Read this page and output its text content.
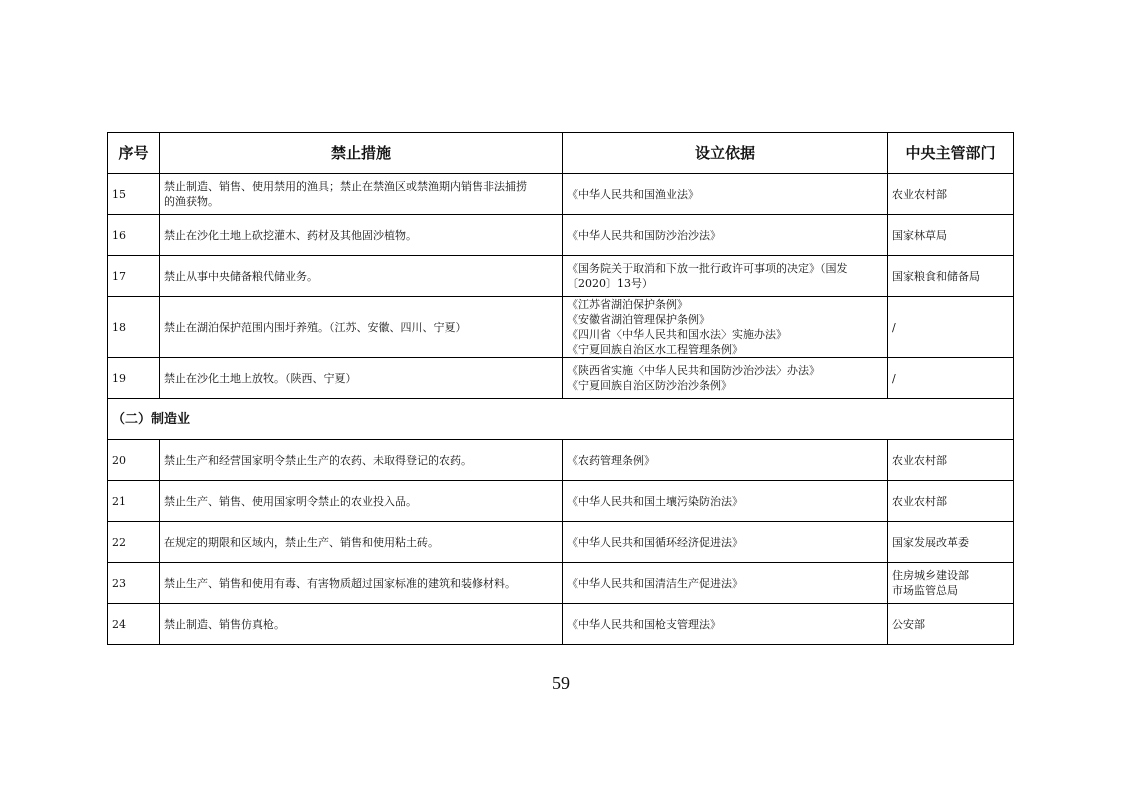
序号	禁止措施	设立依据	中央主管部门
15	禁止制造、销售、使用禁用的渔具；禁止在禁渔区或禁渔期内销售非法捕捞
的渔获物。	《中华人民共和国渔业法》	农业农村部

16	禁止在沙化土地上砍挖灌木、药材及其他固沙植物。	《中华人民共和国防沙治沙法》	国家林草局

17	禁止从事中央储备粮代储业务。	《国务院关于取消和下放一批行政许可事项的决定》（国发
〔2020〕13号）	国家粮食和储备局

18	禁止在湖泊保护范围内围圩养殖。（江苏、安徽、四川、宁夏）	《江苏省湖泊保护条例》
《安徽省湖泊管理保护条例》
《四川省〈中华人民共和国水法〉实施办法》
《宁夏回族自治区水工程管理条例》	/

19	禁止在沙化土地上放牧。（陕西、宁夏）	《陕西省实施〈中华人民共和国防沙治沙法〉办法》
《宁夏回族自治区防沙治沙条例》	/

（二）制造业			
20	禁止生产和经营国家明令禁止生产的农药、未取得登记的农药。	《农药管理条例》	农业农村部

21	禁止生产、销售、使用国家明令禁止的农业投入品。	《中华人民共和国土壤污染防治法》	农业农村部

22	在规定的期限和区域内，禁止生产、销售和使用粘土砖。	《中华人民共和国循环经济促进法》	国家发展改革委

23	禁止生产、销售和使用有毒、有害物质超过国家标准的建筑和装修材料。	《中华人民共和国清洁生产促进法》	住房城乡建设部
市场监管总局

24	禁止制造、销售仿真枪。	《中华人民共和国枪支管理法》	公安部
59
